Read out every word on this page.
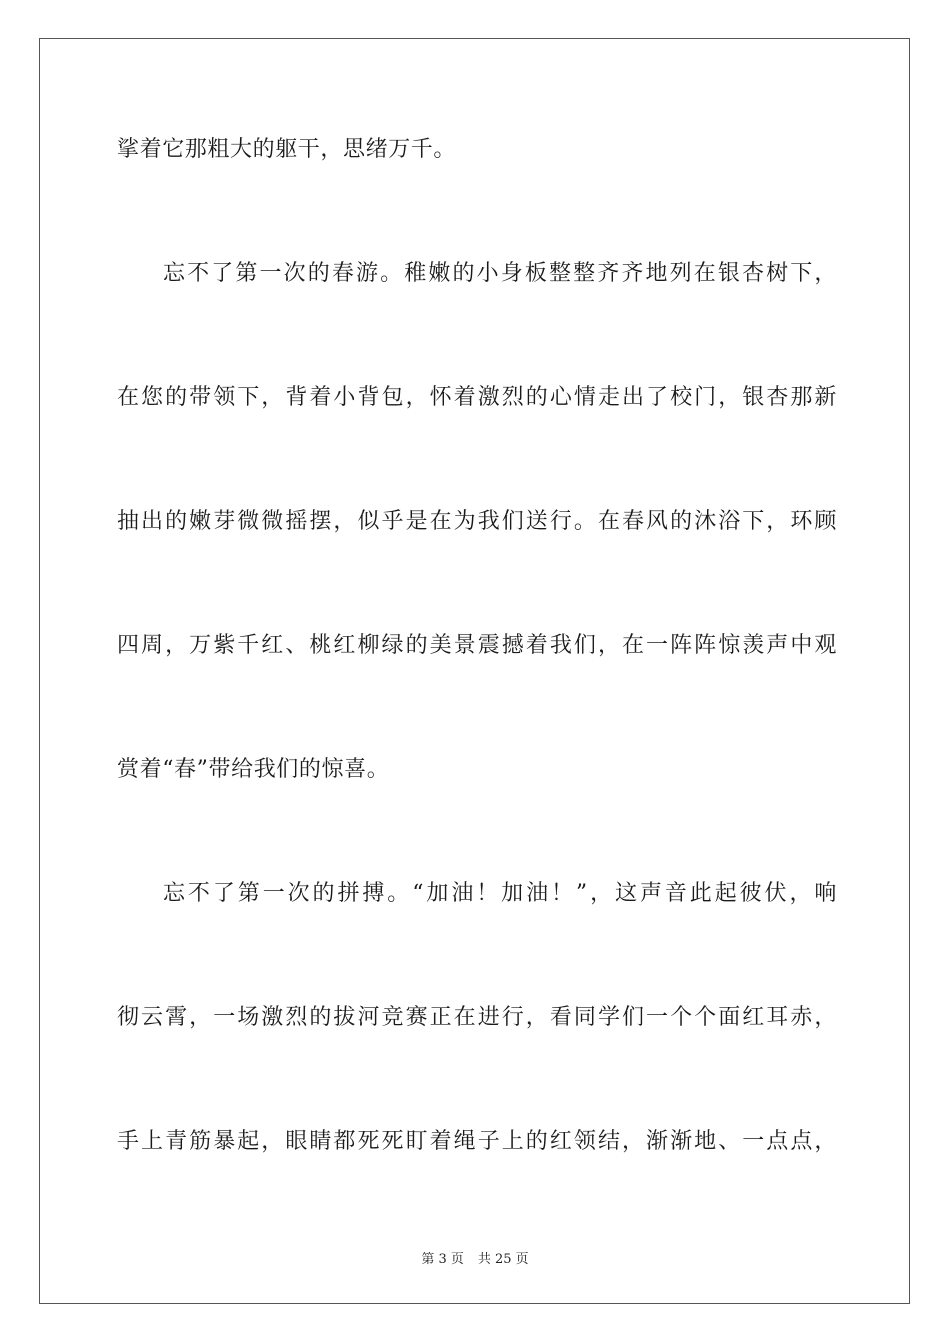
挲着它那粗大的躯干，思绪万千。

忘不了第一次的春游。稚嫩的小身板整整齐齐地列在银杏树下，

在您的带领下，背着小背包，怀着激烈的心情走出了校门，银杏那新

抽出的嫩芽微微摇摆，似乎是在为我们送行。在春风的沐浴下，环顾

四周，万紫千红、桃红柳绿的美景震撼着我们，在一阵阵惊羡声中观

赏着“春”带给我们的惊喜。

忘不了第一次的拼搏。“加油！加油！”，这声音此起彼伏，响

彻云霄，一场激烈的拔河竞赛正在进行，看同学们一个个面红耳赤，

手上青筋暴起，眼睛都死死盯着绳子上的红领结，渐渐地、一点点，

第 3 页 共 25 页
